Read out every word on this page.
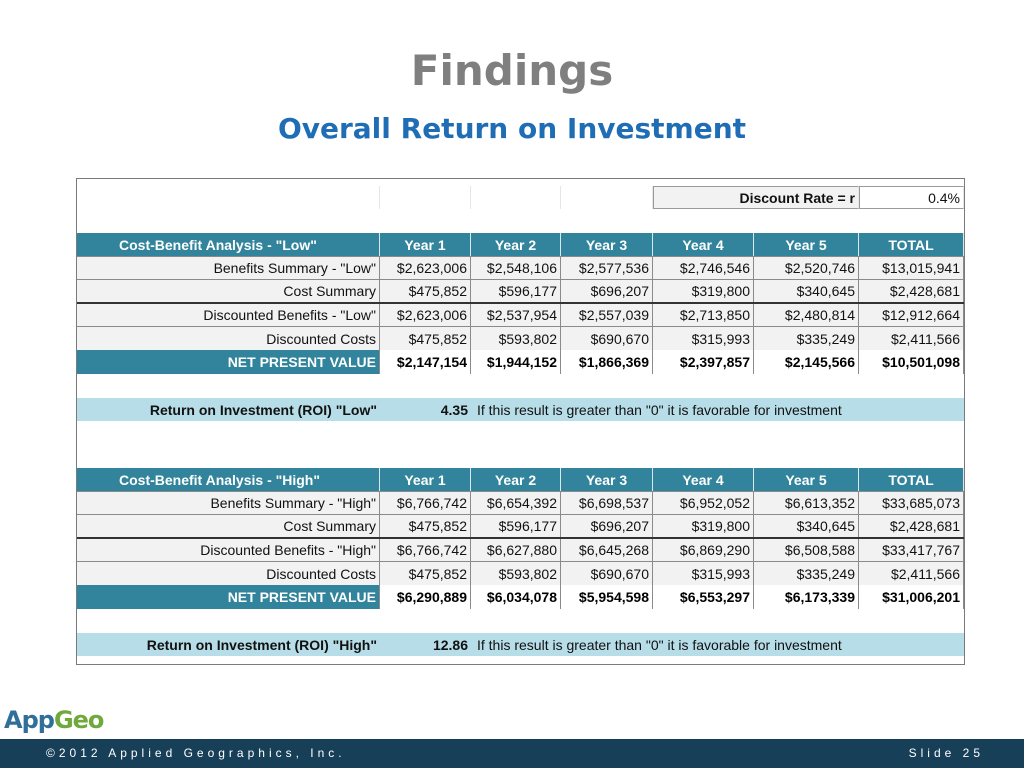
Findings
Overall Return on Investment
Discount Rate = r	0.4%
Cost-Benefit Analysis - "Low"	Year 1	Year 2	Year 3	Year 4	Year 5	TOTAL
Benefits Summary - "Low"	$2,623,006	$2,548,106	$2,577,536	$2,746,546	$2,520,746	$13,015,941
Cost Summary	$475,852	$596,177	$696,207	$319,800	$340,645	$2,428,681
Discounted Benefits - "Low"	$2,623,006	$2,537,954	$2,557,039	$2,713,850	$2,480,814	$12,912,664
Discounted Costs	$475,852	$593,802	$690,670	$315,993	$335,249	$2,411,566
NET PRESENT VALUE	$2,147,154	$1,944,152	$1,866,369	$2,397,857	$2,145,566	$10,501,098
Return on Investment (ROI) "Low"	4.35 If this result is greater than "0" it is favorable for investment
Cost-Benefit Analysis - "High"	Year 1	Year 2	Year 3	Year 4	Year 5	TOTAL
Benefits Summary - "High"	$6,766,742	$6,654,392	$6,698,537	$6,952,052	$6,613,352	$33,685,073
Cost Summary	$475,852	$596,177	$696,207	$319,800	$340,645	$2,428,681
Discounted Benefits - "High"	$6,766,742	$6,627,880	$6,645,268	$6,869,290	$6,508,588	$33,417,767
Discounted Costs	$475,852	$593,802	$690,670	$315,993	$335,249	$2,411,566
NET PRESENT VALUE	$6,290,889	$6,034,078	$5,954,598	$6,553,297	$6,173,339	$31,006,201
Return on Investment (ROI) "High"	12.86 If this result is greater than "0" it is favorable for investment
AppGeo
©2012 Applied Geographics, Inc.	Slide 25
